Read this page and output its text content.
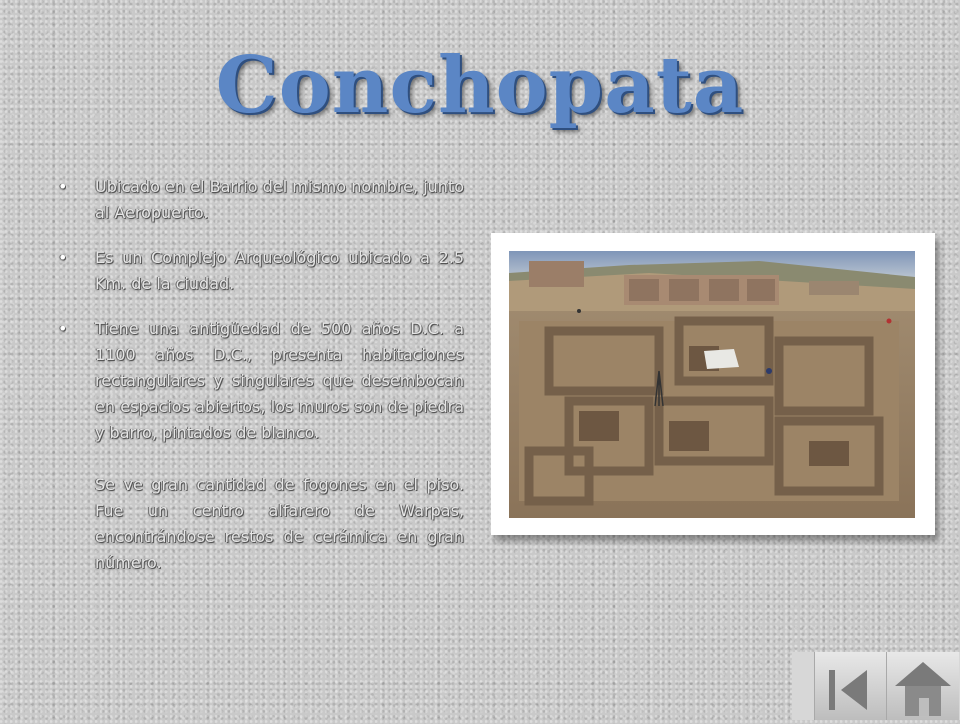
Conchopata
• Ubicado en el Barrio del mismo nombre, junto al Aeropuerto.

• Es un Complejo Arqueológico ubicado a 2.5 Km. de la ciudad.

• Tiene una antigüedad de 500 años D.C. a 1100 años D.C., presenta habitaciones rectangulares y singulares que desembocan en espacios abiertos, los muros son de piedra y barro, pintados de blanco.

Se ve gran cantidad de fogones en el piso. Fue un centro alfarero de Warpas, encontrándose restos de cerámica en gran número.
